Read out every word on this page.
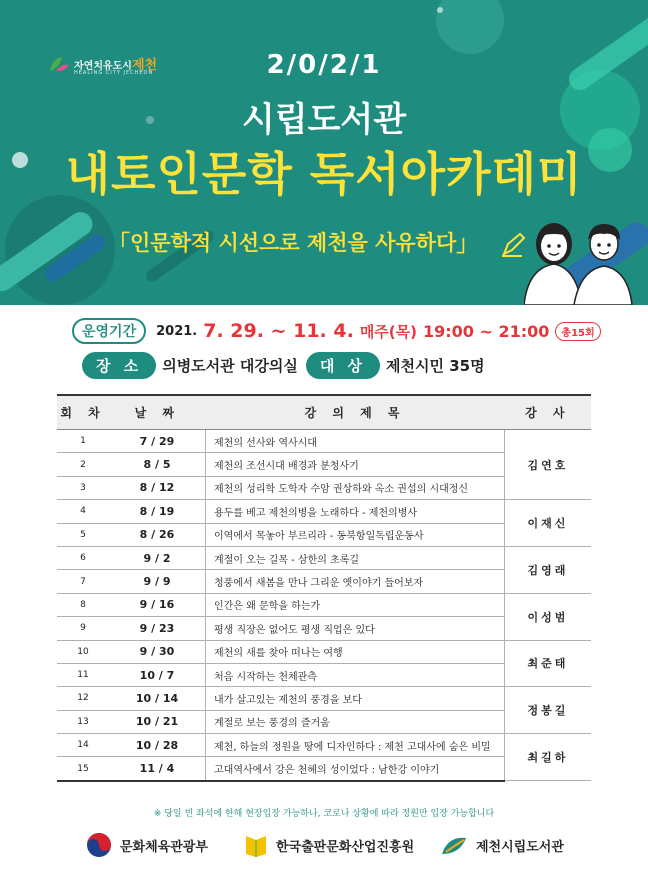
자연치유도시제천
HEALING CITY JECHEON	2/0/2/1
시립도서관
내토인문학 독서아카데미
「 인문학적 시선으로 제천을 사유하다 」
운영기간	2021. 7. 29. ~ 11. 4. 매주(목) 19:00 ~ 21:00	총15회
장 소	의병도서관 대강의실	대 상	제천시민 35명
회 차	날 짜	강 의 제 목	강 사
1	7 / 29	제천의 선사와 역사시대	김연호
2	8 / 5	제천의 조선시대 배경과 분청사기	
3	8 / 12	제천의 성리학 도학자 수암 권상하와 옥소 권섭의 시대정신	
4	8 / 19	용두를 베고 제천의병을 노래하다 - 제천의병사	이재신
5	8 / 26	이역에서 목놓아 부르리라 - 동북항일독립운동사	
6	9 / 2	계절이 오는 길목 - 삼한의 초록길	김영래
7	9 / 9	청풍에서 새봄을 만나 그리운 옛이야기 들어보자	
8	9 / 16	인간은 왜 문학을 하는가	이성범
9	9 / 23	평생 직장은 없어도 평생 직업은 있다	
10	9 / 30	제천의 새를 찾아 떠나는 여행	최준태
11	10 / 7	처음 시작하는 천체관측	
12	10 / 14	내가 살고있는 제천의 풍경을 보다	정봉길
13	10 / 21	계절로 보는 풍경의 즐거움	
14	10 / 28	제천, 하늘의 정원을 땅에 디자인하다 : 제천 고대사에 숨은 비밀	최길하
15	11 / 4	고대역사에서 강은 천혜의 성이었다 : 남한강 이야기	
※ 당일 빈 좌석에 한해 현장입장 가능하나, 코로나 상황에 따라 정원만 입장 가능합니다
문화체육관광부	한국출판문화산업진흥원	제천시립도서관
